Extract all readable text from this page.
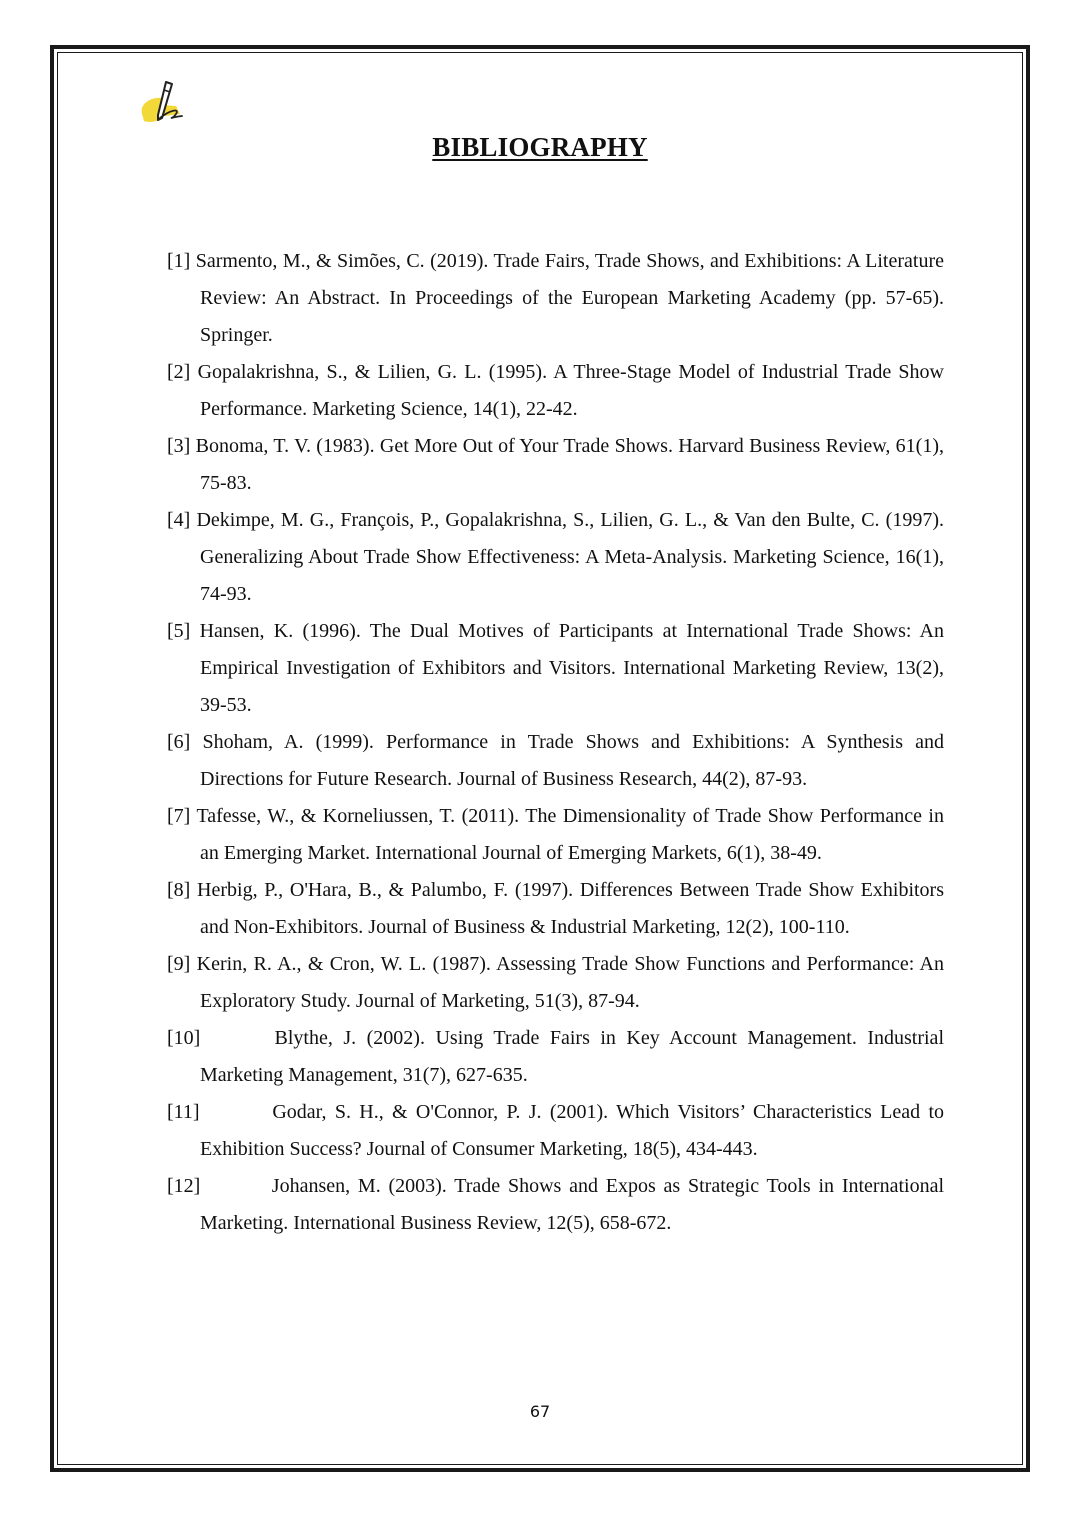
BIBLIOGRAPHY

[1] Sarmento, M., & Simões, C. (2019). Trade Fairs, Trade Shows, and Exhibitions: A Literature Review: An Abstract. In Proceedings of the European Marketing Academy (pp. 57-65). Springer.

[2] Gopalakrishna, S., & Lilien, G. L. (1995). A Three-Stage Model of Industrial Trade Show Performance. Marketing Science, 14(1), 22-42.

[3] Bonoma, T. V. (1983). Get More Out of Your Trade Shows. Harvard Business Review, 61(1), 75-83.

[4] Dekimpe, M. G., François, P., Gopalakrishna, S., Lilien, G. L., & Van den Bulte, C. (1997). Generalizing About Trade Show Effectiveness: A Meta-Analysis. Marketing Science, 16(1), 74-93.

[5] Hansen, K. (1996). The Dual Motives of Participants at International Trade Shows: An Empirical Investigation of Exhibitors and Visitors. International Marketing Review, 13(2), 39-53.

[6] Shoham, A. (1999). Performance in Trade Shows and Exhibitions: A Synthesis and Directions for Future Research. Journal of Business Research, 44(2), 87-93.

[7] Tafesse, W., & Korneliussen, T. (2011). The Dimensionality of Trade Show Performance in an Emerging Market. International Journal of Emerging Markets, 6(1), 38-49.

[8] Herbig, P., O'Hara, B., & Palumbo, F. (1997). Differences Between Trade Show Exhibitors and Non-Exhibitors. Journal of Business & Industrial Marketing, 12(2), 100-110.

[9] Kerin, R. A., & Cron, W. L. (1987). Assessing Trade Show Functions and Performance: An Exploratory Study. Journal of Marketing, 51(3), 87-94.

[10]	Blythe, J. (2002). Using Trade Fairs in Key Account Management. Industrial Marketing Management, 31(7), 627-635.

[11]	Godar, S. H., & O'Connor, P. J. (2001). Which Visitors’ Characteristics Lead to Exhibition Success? Journal of Consumer Marketing, 18(5), 434-443.

[12]	Johansen, M. (2003). Trade Shows and Expos as Strategic Tools in International Marketing. International Business Review, 12(5), 658-672.

67
